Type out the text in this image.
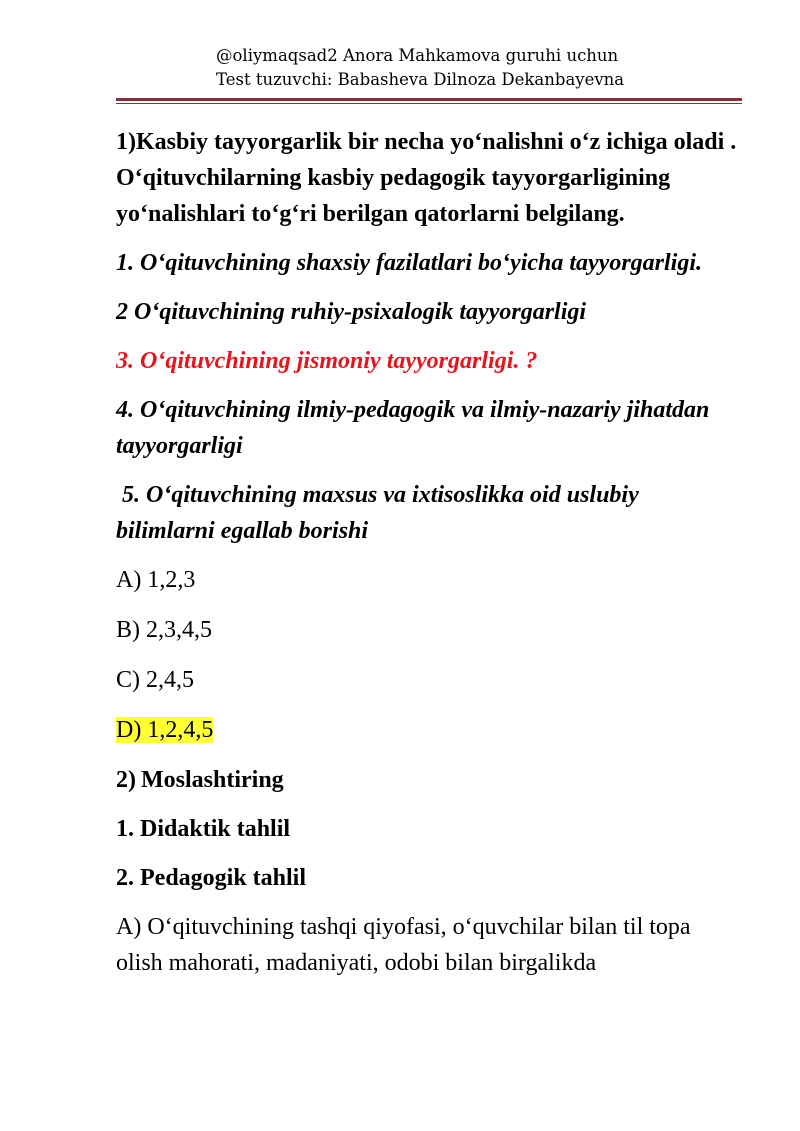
@oliymaqsad2 Anora Mahkamova guruhi uchun
Test tuzuvchi: Babasheva Dilnoza Dekanbayevna

1)Kasbiy tayyorgarlik bir necha yo‘nalishni o‘z ichiga oladi . O‘qituvchilarning kasbiy pedagogik tayyorgarligining yo‘nalishlari to‘g‘ri berilgan qatorlarni belgilang.

1. O‘qituvchining shaxsiy fazilatlari bo‘yicha tayyorgarligi.

2 O‘qituvchining ruhiy-psixalogik tayyorgarligi

3. O‘qituvchining jismoniy tayyorgarligi. ?

4. O‘qituvchining ilmiy-pedagogik va ilmiy-nazariy jihatdan tayyorgarligi

5. O‘qituvchining maxsus va ixtisoslikka oid uslubiy bilimlarni egallab borishi

A) 1,2,3

B) 2,3,4,5

C) 2,4,5

D) 1,2,4,5

2) Moslashtiring

1. Didaktik tahlil

2. Pedagogik tahlil

A) O‘qituvchining tashqi qiyofasi, o‘quvchilar bilan til topa olish mahorati, madaniyati, odobi bilan birgalikda
